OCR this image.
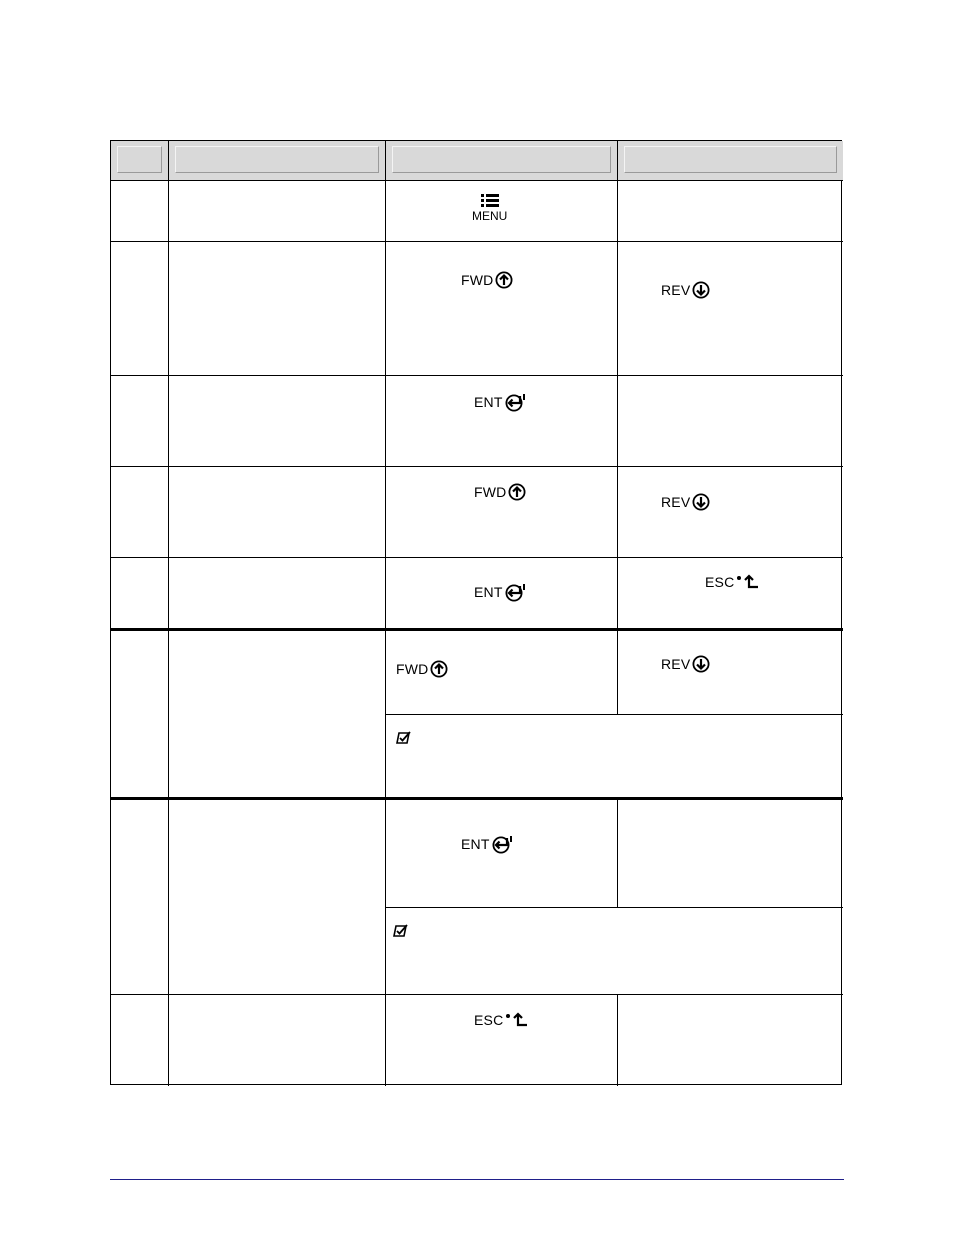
MENU
FWD
REV
ENT
FWD
REV
ENT
ESC
FWD	REV
ENT
ESC
